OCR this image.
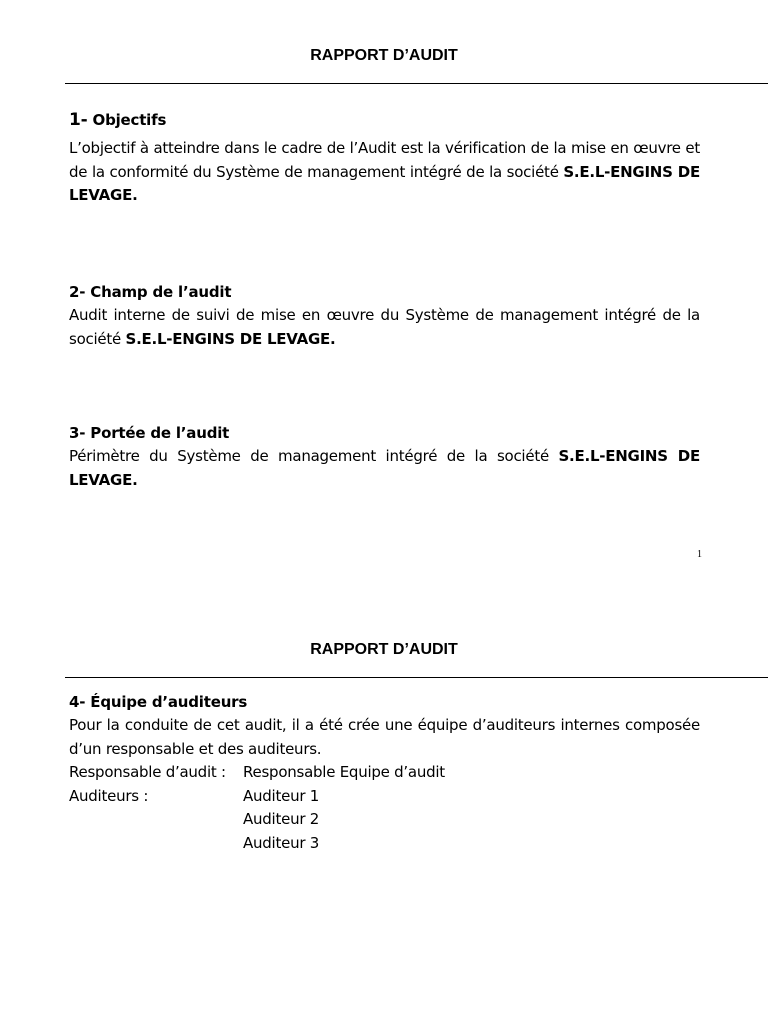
RAPPORT D’AUDIT
1- Objectifs
L’objectif à atteindre dans le cadre de l’Audit est la vérification de la mise en œuvre et de la conformité du Système de management intégré de la société S.E.L-ENGINS DE LEVAGE.
2- Champ de l’audit
Audit interne de suivi de mise en œuvre du Système de management intégré de la société S.E.L-ENGINS DE LEVAGE.
3- Portée de l’audit
Périmètre du Système de management intégré de la société S.E.L-ENGINS DE LEVAGE.
1
RAPPORT D’AUDIT
4- Équipe d’auditeurs
Pour la conduite de cet audit, il a été crée une équipe d’auditeurs internes composée d’un responsable et des auditeurs.
Responsable d’audit :	Responsable Equipe d’audit
Auditeurs :	Auditeur 1
Auditeur 2
Auditeur 3
